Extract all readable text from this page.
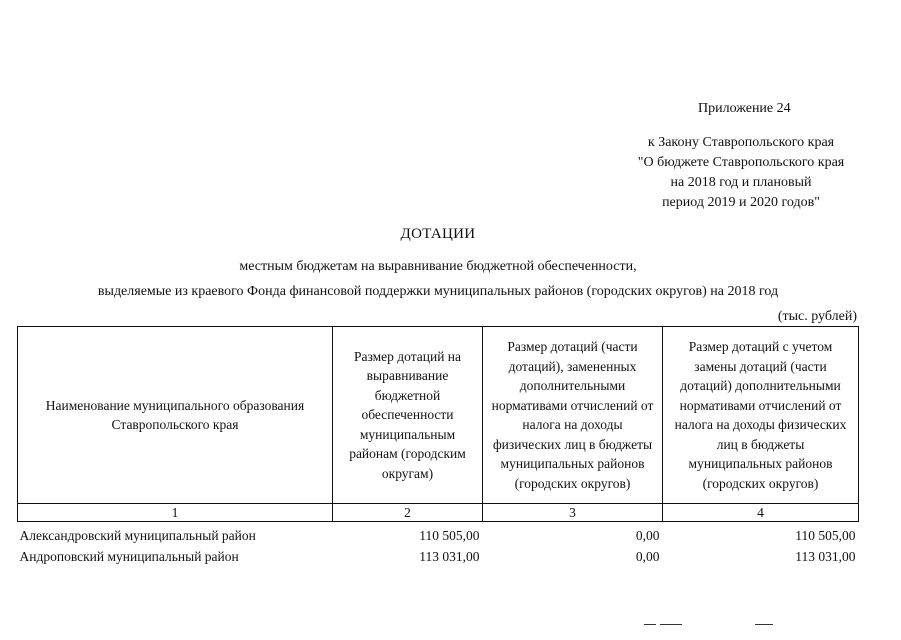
Приложение 24
к Закону Ставропольского края
"О бюджете Ставропольского края
на 2018 год и плановый
период 2019 и 2020 годов"
ДОТАЦИИ
местным бюджетам на выравнивание бюджетной обеспеченности,
выделяемые из краевого Фонда финансовой поддержки муниципальных районов (городских округов) на 2018 год
(тыс. рублей)
Наименование муниципального образования Ставропольского края	Размер дотаций на выравнивание бюджетной обеспеченности муниципальным районам (городским округам)	Размер дотаций (части дотаций), замененных дополнительными нормативами отчислений от налога на доходы физических лиц в бюджеты муниципальных районов (городских округов)	Размер дотаций с учетом замены дотаций (части дотаций) дополнительными нормативами отчислений от налога на доходы физических лиц в бюджеты муниципальных районов (городских округов)
1	2	3	4
Александровский муниципальный район	110 505,00	0,00	110 505,00
Андроповский муниципальный район	113 031,00	0,00	113 031,00
